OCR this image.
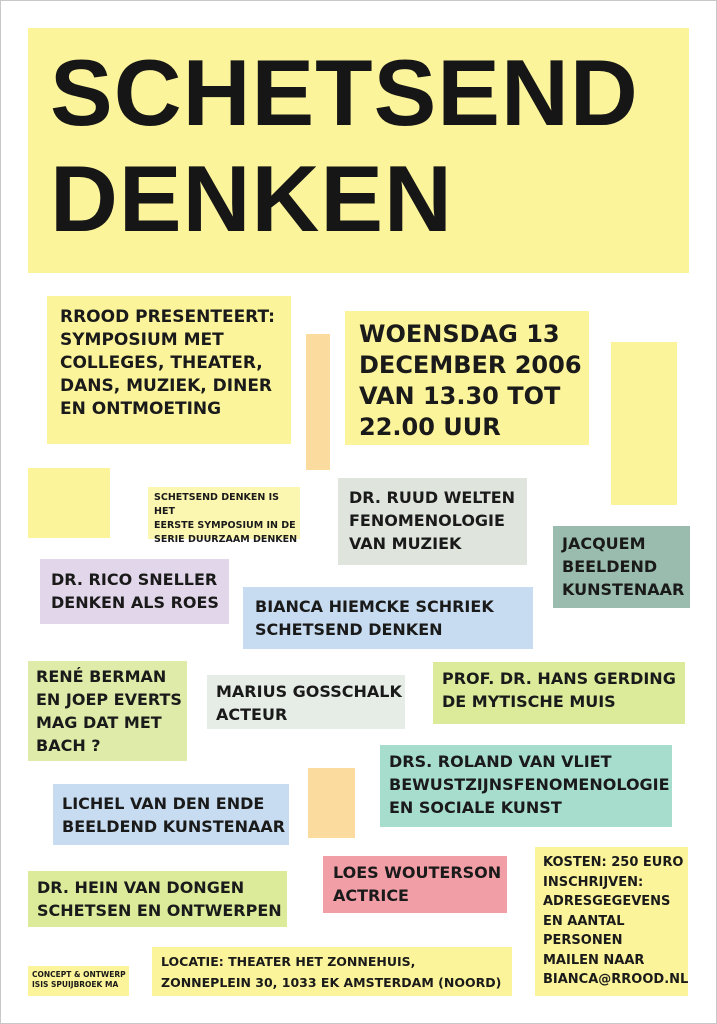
SCHETSEND
DENKEN
RROOD PRESENTEERT:
SYMPOSIUM MET
COLLEGES, THEATER,
DANS, MUZIEK, DINER
EN ONTMOETING
WOENSDAG 13
DECEMBER 2006
VAN 13.30 TOT
22.00 UUR
SCHETSEND DENKEN IS HET
EERSTE SYMPOSIUM IN DE
SERIE DUURZAAM DENKEN
DR. RUUD WELTEN
FENOMENOLOGIE
VAN MUZIEK	JACQUEM
BEELDEND
KUNSTENAAR
DR. RICO SNELLER
DENKEN ALS ROES	BIANCA HIEMCKE SCHRIEK
SCHETSEND DENKEN
RENÉ BERMAN
EN JOEP EVERTS
MAG DAT MET
BACH ?
MARIUS GOSSCHALK
ACTEUR
PROF. DR. HANS GERDING
DE MYTISCHE MUIS
DRS. ROLAND VAN VLIET
BEWUSTZIJNSFENOMENOLOGIE
EN SOCIALE KUNST
LICHEL VAN DEN ENDE
BEELDEND KUNSTENAAR
LOES WOUTERSON
ACTRICE
DR. HEIN VAN DONGEN
SCHETSEN EN ONTWERPEN
KOSTEN: 250 EURO
INSCHRIJVEN:
ADRESGEGEVENS
EN AANTAL
PERSONEN
MAILEN NAAR
BIANCA@RROOD.NL
LOCATIE: THEATER HET ZONNEHUIS,
ZONNEPLEIN 30, 1033 EK AMSTERDAM (NOORD)
CONCEPT & ONTWERP
ISIS SPUIJBROEK MA
